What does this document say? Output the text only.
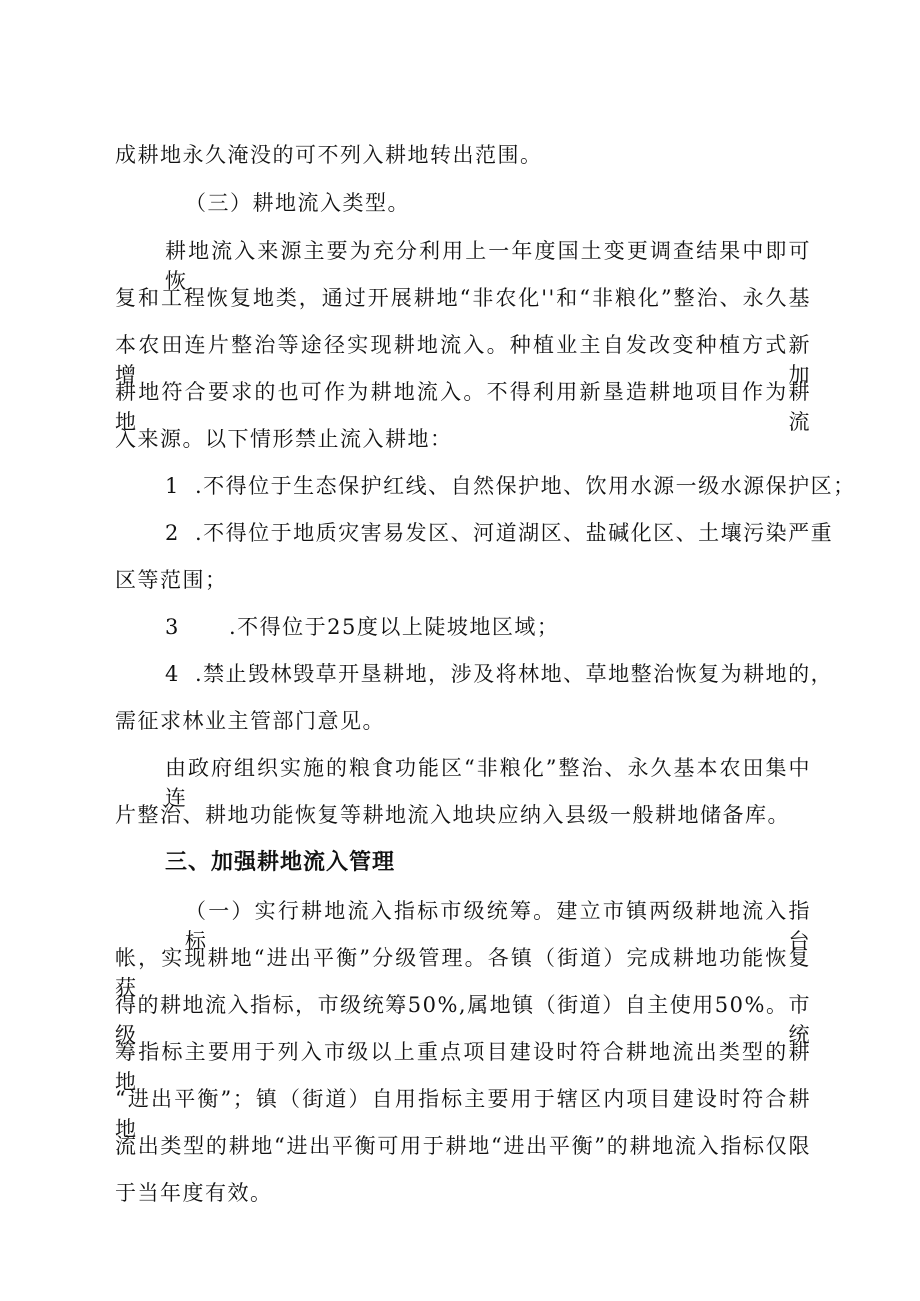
成耕地永久淹没的可不列入耕地转出范围。
（三）耕地流入类型。
耕地流入来源主要为充分利用上一年度国土变更调查结果中即可恢
复和工程恢复地类，通过开展耕地“非农化''和“非粮化”整治、永久基
本农田连片整治等途径实现耕地流入。种植业主自发改变种植方式新增加
耕地符合要求的也可作为耕地流入。不得利用新垦造耕地项目作为耕地流
入来源。以下情形禁止流入耕地：
1 .不得位于生态保护红线、自然保护地、饮用水源一级水源保护区；
2 .不得位于地质灾害易发区、河道湖区、盐碱化区、土壤污染严重
区等范围；
3 .不得位于25度以上陡坡地区域；
4 .禁止毁林毁草开垦耕地，涉及将林地、草地整治恢复为耕地的，
需征求林业主管部门意见。
由政府组织实施的粮食功能区“非粮化”整治、永久基本农田集中连
片整治、耕地功能恢复等耕地流入地块应纳入县级一般耕地储备库。
三、加强耕地流入管理
（一）实行耕地流入指标市级统筹。建立市镇两级耕地流入指标台
帐，实现耕地“进出平衡”分级管理。各镇（街道）完成耕地功能恢复获
得的耕地流入指标，市级统筹50%,属地镇（街道）自主使用50%。市级统
筹指标主要用于列入市级以上重点项目建设时符合耕地流出类型的耕地
“进出平衡”；镇（街道）自用指标主要用于辖区内项目建设时符合耕地
流出类型的耕地“进出平衡可用于耕地“进出平衡”的耕地流入指标仅限
于当年度有效。
